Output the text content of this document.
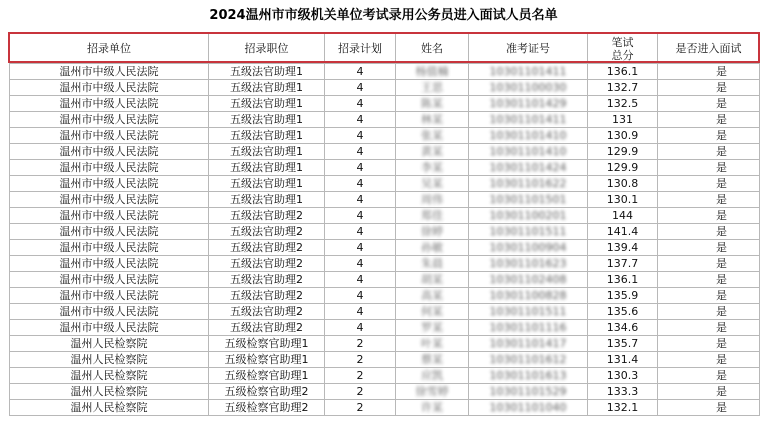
2024温州市市级机关单位考试录用公务员进入面试人员名单
招录单位	招录职位	招录计划	姓名	准考证号	笔试
总分	是否进入面试
温州市中级人民法院	五级法官助理1	4	杨值楠	10301101411	136.1	是
温州市中级人民法院	五级法官助理1	4	王思	10301100030	132.7	是
温州市中级人民法院	五级法官助理1	4	陈某	10301101429	132.5	是
温州市中级人民法院	五级法官助理1	4	林某	10301101411	131	是
温州市中级人民法院	五级法官助理1	4	张某	10301101410	130.9	是
温州市中级人民法院	五级法官助理1	4	黄某	10301101410	129.9	是
温州市中级人民法院	五级法官助理1	4	李某	10301101424	129.9	是
温州市中级人民法院	五级法官助理1	4	吴某	10301101622	130.8	是
温州市中级人民法院	五级法官助理1	4	周伟	10301101501	130.1	是
温州市中级人民法院	五级法官助理2	4	郑佳	10301100201	144	是
温州市中级人民法院	五级法官助理2	4	徐婷	10301101511	141.4	是
温州市中级人民法院	五级法官助理2	4	孙敏	10301100904	139.4	是
温州市中级人民法院	五级法官助理2	4	朱晨	10301101623	137.7	是
温州市中级人民法院	五级法官助理2	4	胡某	10301102408	136.1	是
温州市中级人民法院	五级法官助理2	4	高某	10301100828	135.9	是
温州市中级人民法院	五级法官助理2	4	何某	10301101511	135.6	是
温州市中级人民法院	五级法官助理2	4	罗某	10301101116	134.6	是
温州人民检察院	五级检察官助理1	2	叶某	10301101417	135.7	是
温州人民检察院	五级检察官助理1	2	蔡某	10301101612	131.4	是
温州人民检察院	五级检察官助理1	2	应凯	10301101613	130.3	是
温州人民检察院	五级检察官助理2	2	徐雪婷	10301101529	133.3	是
温州人民检察院	五级检察官助理2	2	许某	10301101040	132.1	是
